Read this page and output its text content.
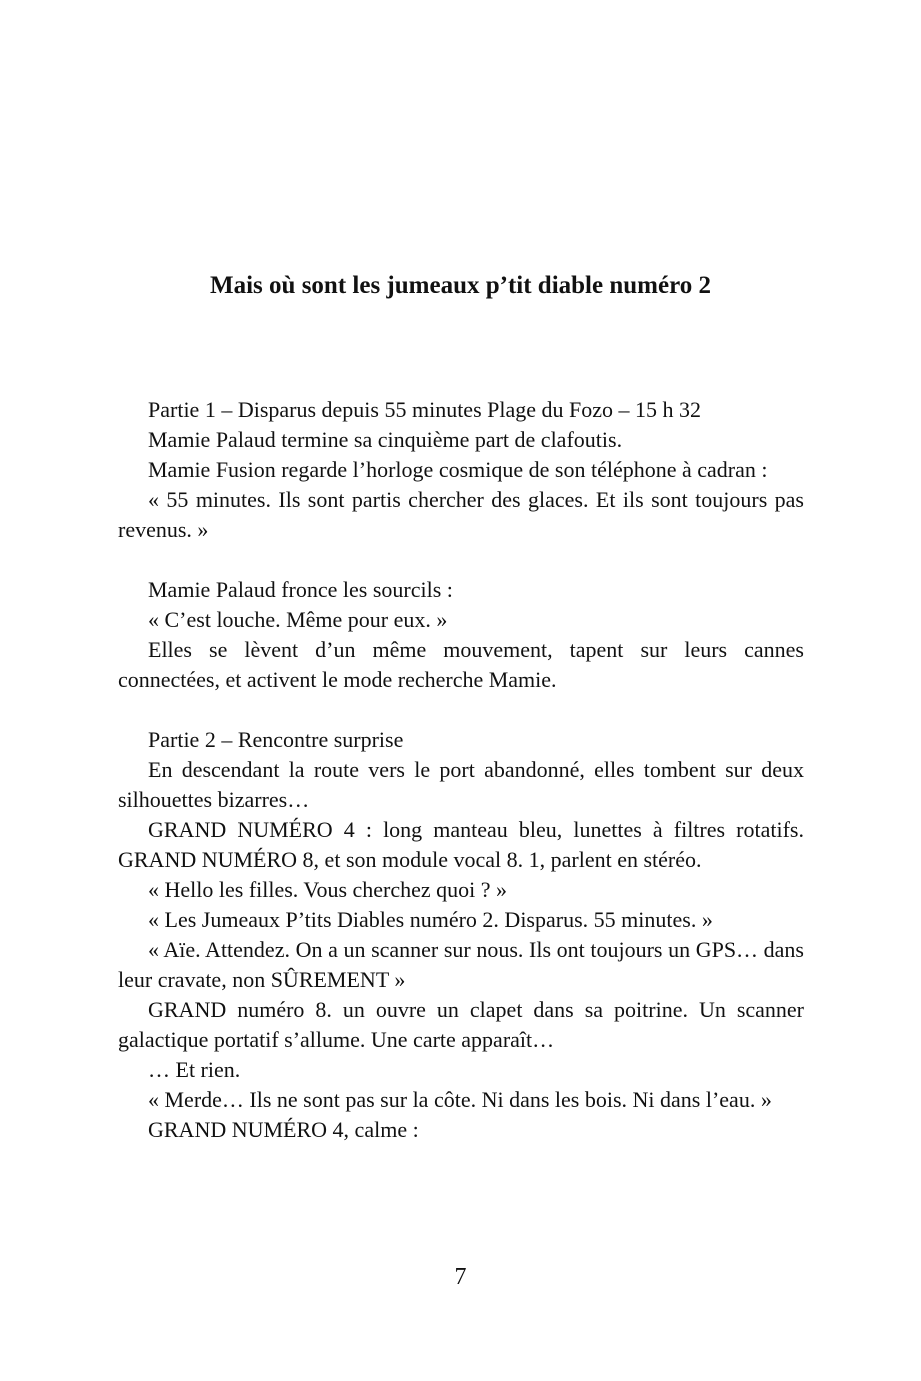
Mais où sont les jumeaux p’tit diable numéro 2

Partie 1 – Disparus depuis 55 minutes Plage du Fozo – 15 h 32

Mamie Palaud termine sa cinquième part de clafoutis.

Mamie Fusion regarde l’horloge cosmique de son téléphone à cadran :

« 55 minutes. Ils sont partis chercher des glaces. Et ils sont toujours pas revenus. »

Mamie Palaud fronce les sourcils :

« C’est louche. Même pour eux. »

Elles se lèvent d’un même mouvement, tapent sur leurs cannes connectées, et activent le mode recherche Mamie.

Partie 2 – Rencontre surprise

En descendant la route vers le port abandonné, elles tombent sur deux silhouettes bizarres…

GRAND NUMÉRO 4 : long manteau bleu, lunettes à filtres rotatifs. GRAND NUMÉRO 8, et son module vocal 8. 1, parlent en stéréo.

« Hello les filles. Vous cherchez quoi ? »

« Les Jumeaux P’tits Diables numéro 2. Disparus. 55 minutes. »

« Aïe. Attendez. On a un scanner sur nous. Ils ont toujours un GPS… dans leur cravate, non SÛREMENT »

GRAND numéro 8. un ouvre un clapet dans sa poitrine. Un scanner galactique portatif s’allume. Une carte apparaît…

… Et rien.

« Merde… Ils ne sont pas sur la côte. Ni dans les bois. Ni dans l’eau. »

GRAND NUMÉRO 4, calme :

7
